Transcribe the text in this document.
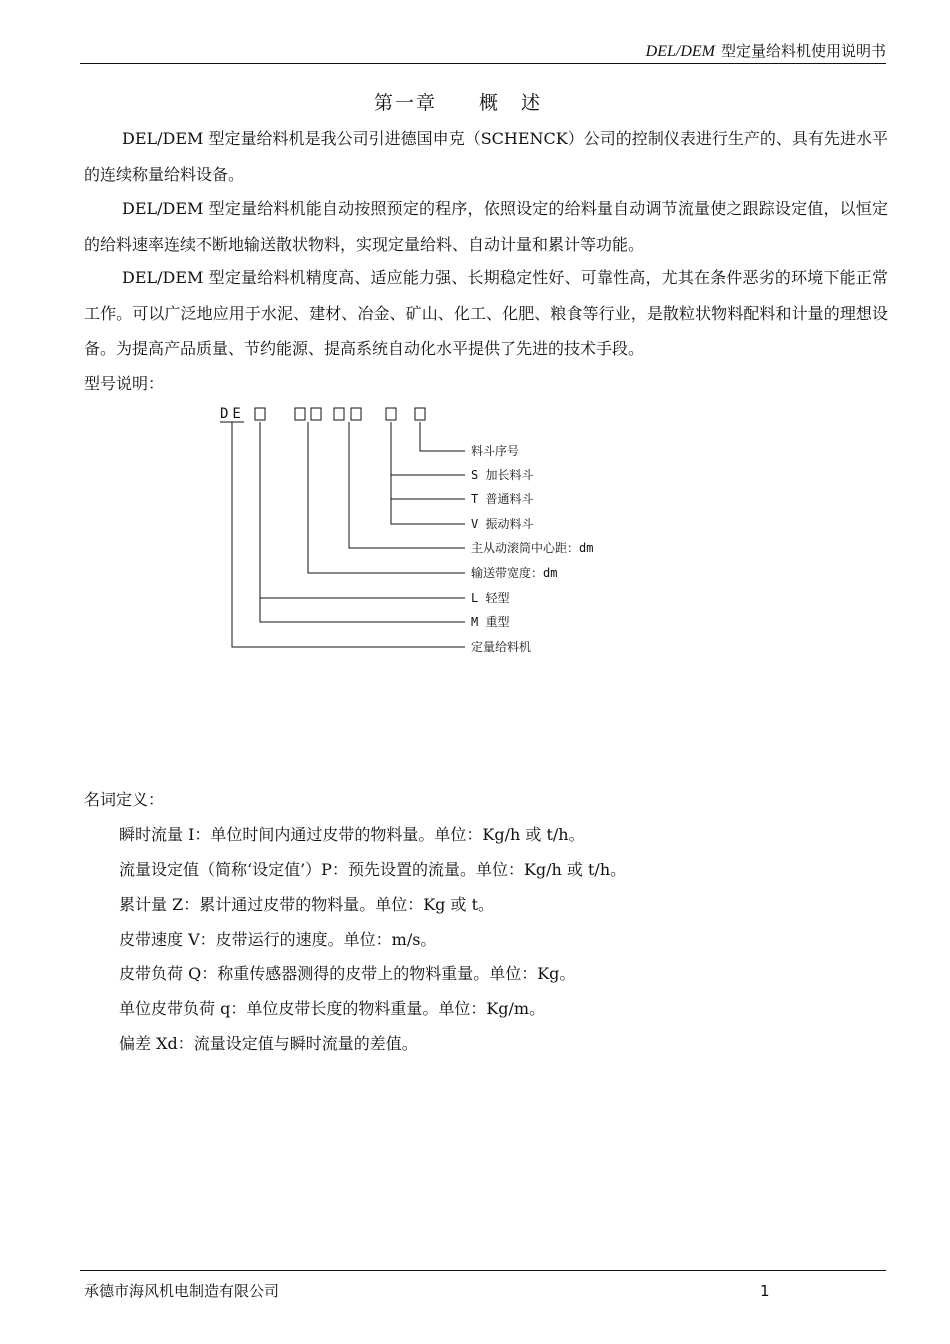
DEL/DEM 型定量给料机使用说明书
第一章　　概　述

DEL/DEM 型定量给料机是我公司引进德国申克（SCHENCK）公司的控制仪表进行生产的、具有先进水平的连续称量给料设备。

DEL/DEM 型定量给料机能自动按照预定的程序，依照设定的给料量自动调节流量使之跟踪设定值，以恒定的给料速率连续不断地输送散状物料，实现定量给料、自动计量和累计等功能。

DEL/DEM 型定量给料机精度高、适应能力强、长期稳定性好、可靠性高，尤其在条件恶劣的环境下能正常工作。可以广泛地应用于水泥、建材、冶金、矿山、化工、化肥、粮食等行业，是散粒状物料配料和计量的理想设备。为提高产品质量、节约能源、提高系统自动化水平提供了先进的技术手段。

型号说明：
DE
料斗序号
S 加长料斗
T 普通料斗
V 振动料斗
主从动滚筒中心距：dm
输送带宽度：dm
L 轻型
M 重型
定量给料机
名词定义：
瞬时流量 I：单位时间内通过皮带的物料量。单位：Kg/h 或 t/h。
流量设定值（简称‘设定值’）P：预先设置的流量。单位：Kg/h 或 t/h。
累计量 Z：累计通过皮带的物料量。单位：Kg 或 t。
皮带速度 V：皮带运行的速度。单位：m/s。
皮带负荷 Q：称重传感器测得的皮带上的物料重量。单位：Kg。
单位皮带负荷 q：单位皮带长度的物料重量。单位：Kg/m。
偏差 Xd：流量设定值与瞬时流量的差值。
承德市海风机电制造有限公司	1
